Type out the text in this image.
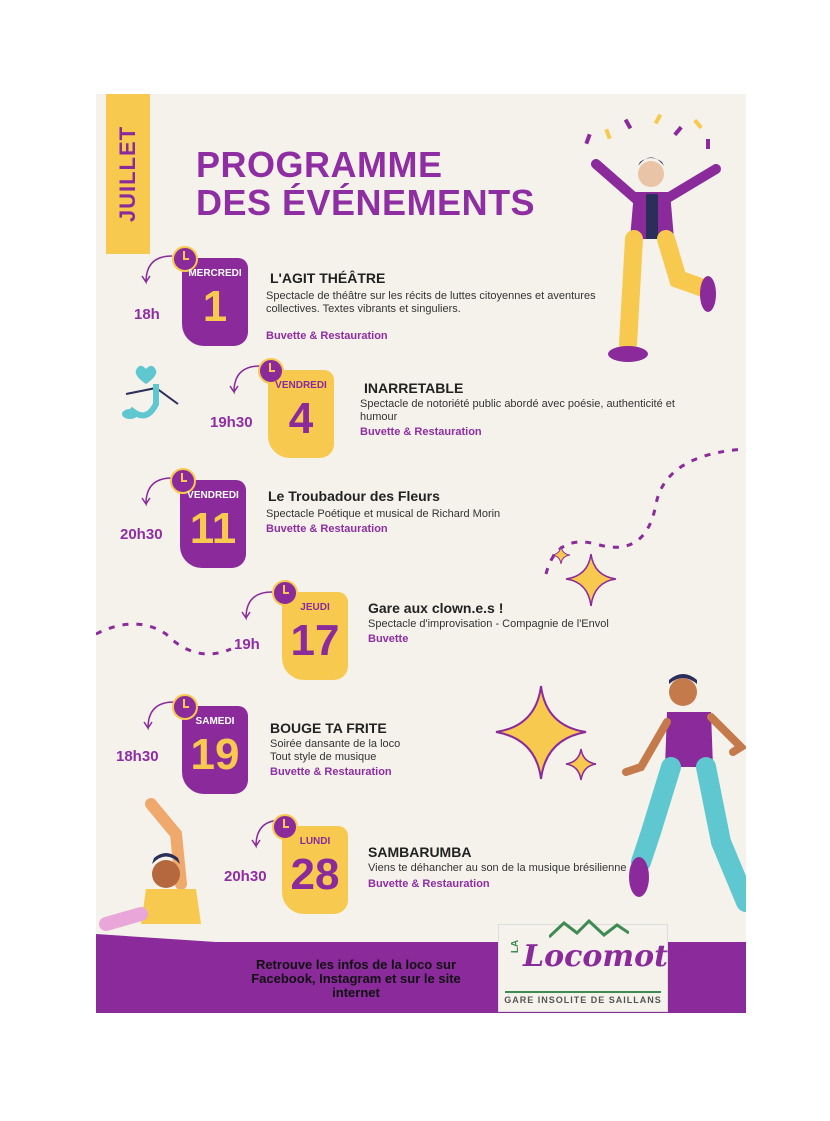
JUILLET PROGRAMME
DES ÉVÉNEMENTS
18h
MERCREDI
1
L'AGIT THÉÂTRE
Spectacle de théâtre sur les récits de luttes citoyennes et aventures collectives. Textes vibrants et singuliers.
Buvette & Restauration
19h30
VENDREDI
4
INARRETABLE
Spectacle de notoriété public abordé avec poésie, authenticité et humour
Buvette & Restauration
20h30
VENDREDI
11
Le Troubadour des Fleurs
Spectacle Poétique et musical de Richard Morin
Buvette & Restauration
19h
JEUDI
17
Gare aux clown.e.s !
Spectacle d'improvisation - Compagnie de l'Envol
Buvette
18h30
SAMEDI
19
BOUGE TA FRITE
Soirée dansante de la loco
Tout style de musique
Buvette & Restauration
20h30
LUNDI
28	SAMBARUMBA
Viens te déhancher au son de la musique brésilienne
Buvette & Restauration
Retrouve les infos de la loco sur Facebook, Instagram et sur le site internet
LA Locomotive
GARE INSOLITE DE SAILLANS
